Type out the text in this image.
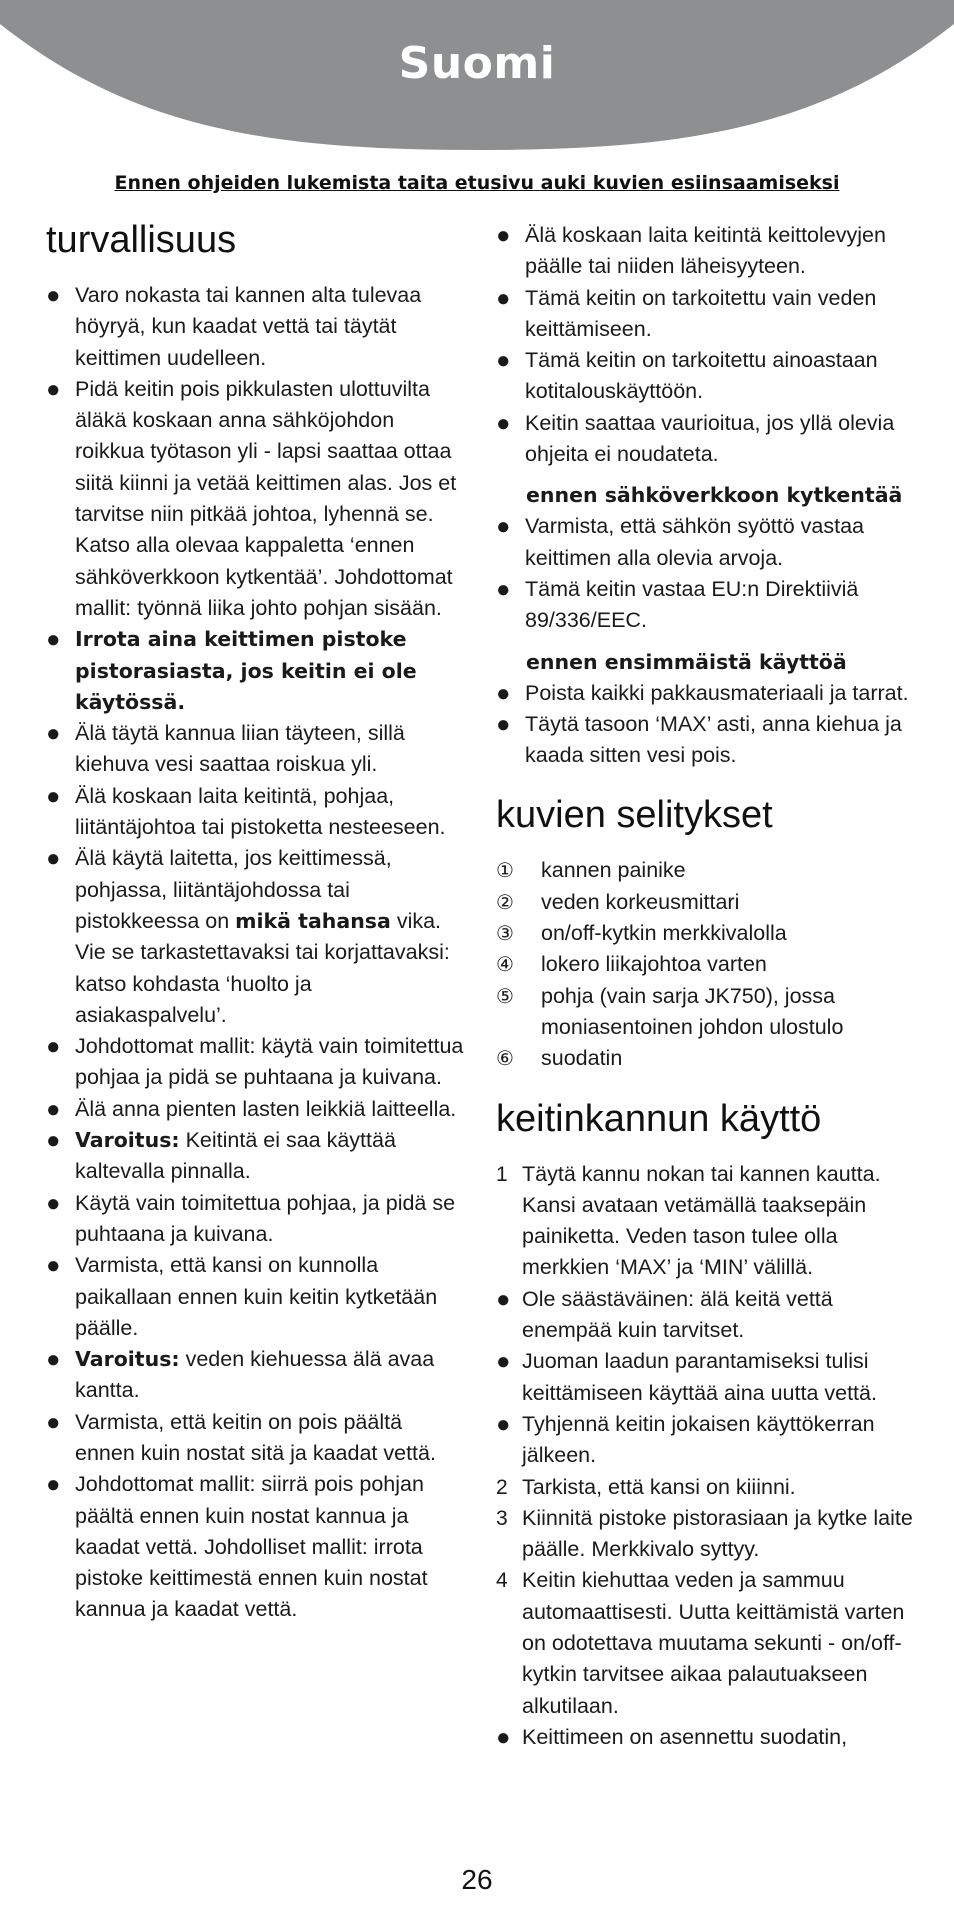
Suomi
Ennen ohjeiden lukemista taita etusivu auki kuvien esiinsaamiseksi
turvallisuus
● Varo nokasta tai kannen alta tulevaa höyryä, kun kaadat vettä tai täytät keittimen uudelleen.
● Pidä keitin pois pikkulasten ulottuvilta äläkä koskaan anna sähköjohdon roikkua työtason yli - lapsi saattaa ottaa siitä kiinni ja vetää keittimen alas. Jos et tarvitse niin pitkää johtoa, lyhennä se. Katso alla olevaa kappaletta ‘ennen sähköverkkoon kytkentää’. Johdottomat mallit: työnnä liika johto pohjan sisään.
● Irrota aina keittimen pistoke pistorasiasta, jos keitin ei ole käytössä.
● Älä täytä kannua liian täyteen, sillä kiehuva vesi saattaa roiskua yli.
● Älä koskaan laita keitintä, pohjaa, liitäntäjohtoa tai pistoketta nesteeseen.
● Älä käytä laitetta, jos keittimessä, pohjassa, liitäntäjohdossa tai pistokkeessa on mikä tahansa vika. Vie se tarkastettavaksi tai korjattavaksi: katso kohdasta ‘huolto ja asiakaspalvelu’.
● Johdottomat mallit: käytä vain toimitettua pohjaa ja pidä se puhtaana ja kuivana.
● Älä anna pienten lasten leikkiä laitteella.
● Varoitus: Keitintä ei saa käyttää kaltevalla pinnalla.
● Käytä vain toimitettua pohjaa, ja pidä se puhtaana ja kuivana.
● Varmista, että kansi on kunnolla paikallaan ennen kuin keitin kytketään päälle.
● Varoitus: veden kiehuessa älä avaa kantta.
● Varmista, että keitin on pois päältä ennen kuin nostat sitä ja kaadat vettä.
● Johdottomat mallit: siirrä pois pohjan päältä ennen kuin nostat kannua ja kaadat vettä. Johdolliset mallit: irrota pistoke keittimestä ennen kuin nostat kannua ja kaadat vettä.
● Älä koskaan laita keitintä keittolevyjen päälle tai niiden läheisyyteen.
● Tämä keitin on tarkoitettu vain veden keittämiseen.
● Tämä keitin on tarkoitettu ainoastaan kotitalouskäyttöön.
● Keitin saattaa vaurioitua, jos yllä olevia ohjeita ei noudateta.
ennen sähköverkkoon kytkentää
● Varmista, että sähkön syöttö vastaa keittimen alla olevia arvoja.
● Tämä keitin vastaa EU:n Direktiiviä 89/336/EEC.
ennen ensimmäistä käyttöä
● Poista kaikki pakkausmateriaali ja tarrat.
● Täytä tasoon ‘MAX’ asti, anna kiehua ja kaada sitten vesi pois.
kuvien selitykset
① kannen painike
② veden korkeusmittari
③ on/off-kytkin merkkivalolla
④ lokero liikajohtoa varten
⑤ pohja (vain sarja JK750), jossa moniasentoinen johdon ulostulo
⑥ suodatin
keitinkannun käyttö
1 Täytä kannu nokan tai kannen kautta. Kansi avataan vetämällä taaksepäin painiketta. Veden tason tulee olla merkkien ‘MAX’ ja ‘MIN’ välillä.
● Ole säästäväinen: älä keitä vettä enempää kuin tarvitset.
● Juoman laadun parantamiseksi tulisi keittämiseen käyttää aina uutta vettä.
● Tyhjennä keitin jokaisen käyttökerran jälkeen.
2 Tarkista, että kansi on kiiinni.
3 Kiinnitä pistoke pistorasiaan ja kytke laite päälle. Merkkivalo syttyy.
4 Keitin kiehuttaa veden ja sammuu automaattisesti. Uutta keittämistä varten on odotettava muutama sekunti - on/off-kytkin tarvitsee aikaa palautuakseen alkutilaan.
● Keittimeen on asennettu suodatin,
26
